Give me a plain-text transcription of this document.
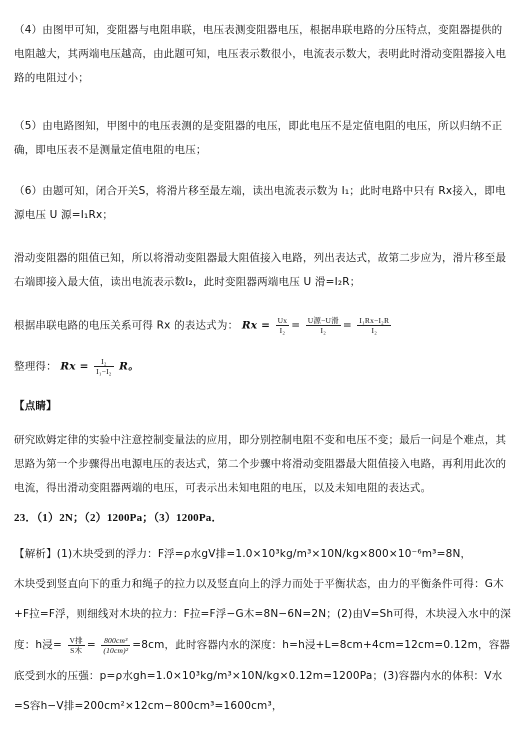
（4）由图甲可知，变阻器与电阻串联，电压表测变阻器电压，根据串联电路的分压特点，变阻器提供的
电阻越大，其两端电压越高，由此题可知，电压表示数很小，电流表示数大，表明此时滑动变阻器接入电
路的电阻过小；
（5）由电路图知，甲图中的电压表测的是变阻器的电压，即此电压不是定值电阻的电压，所以归纳不正
确，即电压表不是测量定值电阻的电压；
（6）由题可知，闭合开关S，将滑片移至最左端，读出电流表示数为 I₁；此时电路中只有 Rx接入，即电
源电压 U 源=I₁Rx；
滑动变阻器的阻值已知，所以将滑动变阻器最大阻值接入电路，列出表达式，故第二步应为，滑片移至最
右端即接入最大值，读出电流表示数I₂，此时变阻器两端电压 U 滑=I₂R；
根据串联电路的电压关系可得 Rx 的表达式为： $Rx = \frac{Ux}{\text{I₂}} = \frac{\text{U源−U滑}}{\text{I₂}} = \frac{\text{I₁Rx−I₂R}}{\text{I₂}}$
整理得： $Rx = \frac{\text{I₂}}{\text{I₁−I₂}}$ R。
【点睛】
研究欧姆定律的实验中注意控制变量法的应用，即分别控制电阻不变和电压不变；最后一问是个难点，其
思路为第一个步骤得出电源电压的表达式，第二个步骤中将滑动变阻器最大阻值接入电路，再利用此次的
电流，得出滑动变阻器两端的电压，可表示出未知电阻的电压，以及未知电阻的表达式。
23．（1）2N；（2）1200Pa；（3）1200Pa．
【解析】(1)木块受到的浮力：F浮=ρ水gV排=1.0×10³kg/m³×10N/kg×800×10⁻⁶m³=8N，
木块受到竖直向下的重力和绳子的拉力以及竖直向上的浮力而处于平衡状态，由力的平衡条件可得：G木
+F拉=F浮，则细线对木块的拉力：F拉=F浮−G木=8N−6N=2N；(2)由V=Sh可得，木块浸入水中的深
度：h浸= $\frac{\text{V排}}{\text{S木}} = \frac{\text{800cm³}}{\text{(10cm)²}} =8cm$，此时容器内水的深度：h=h浸+L=8cm+4cm=12cm=0.12m，容器
底受到水的压强：p=ρ水gh=1.0×10³kg/m³×10N/kg×0.12m=1200Pa；(3)容器内水的体积：V水
=S容h−V排=200cm²×12cm−800cm³=1600cm³，
